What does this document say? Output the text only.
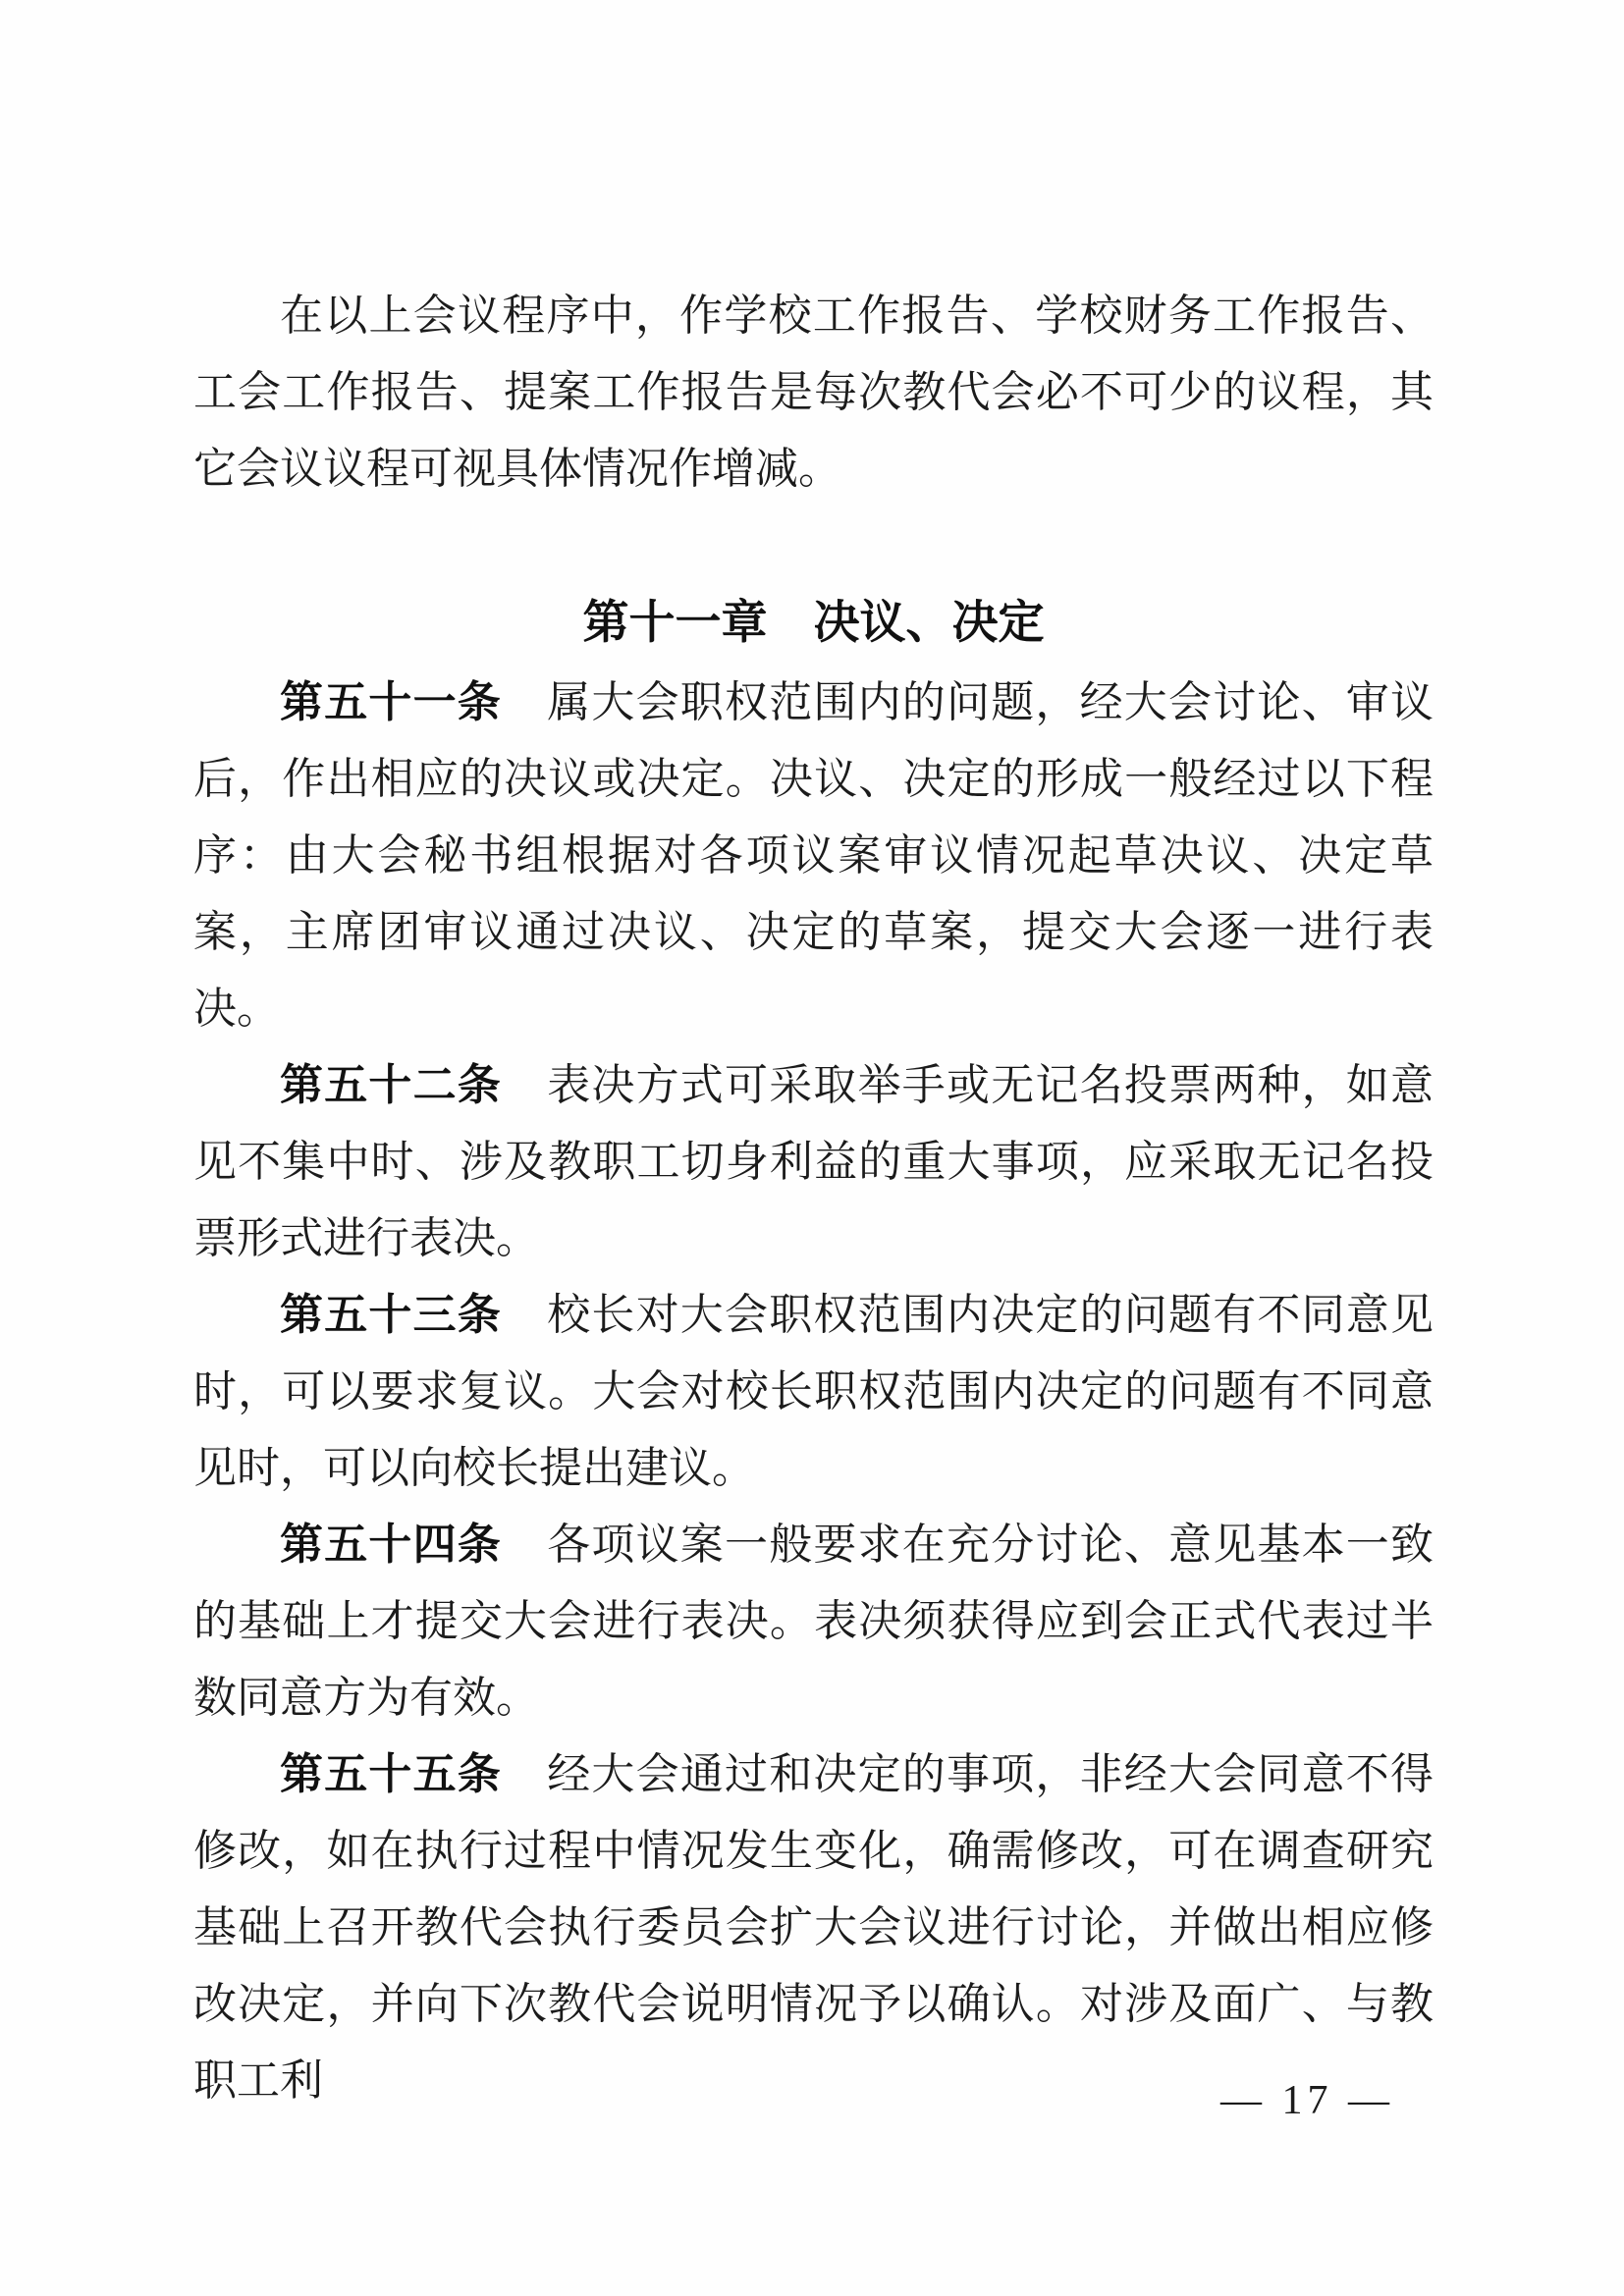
在以上会议程序中，作学校工作报告、学校财务工作报告、工会工作报告、提案工作报告是每次教代会必不可少的议程，其它会议议程可视具体情况作增减。

第十一章 决议、决定

第五十一条 属大会职权范围内的问题，经大会讨论、审议后，作出相应的决议或决定。决议、决定的形成一般经过以下程序：由大会秘书组根据对各项议案审议情况起草决议、决定草案，主席团审议通过决议、决定的草案，提交大会逐一进行表决。

第五十二条 表决方式可采取举手或无记名投票两种，如意见不集中时、涉及教职工切身利益的重大事项，应采取无记名投票形式进行表决。

第五十三条 校长对大会职权范围内决定的问题有不同意见时，可以要求复议。大会对校长职权范围内决定的问题有不同意见时，可以向校长提出建议。

第五十四条 各项议案一般要求在充分讨论、意见基本一致的基础上才提交大会进行表决。表决须获得应到会正式代表过半数同意方为有效。

第五十五条 经大会通过和决定的事项，非经大会同意不得修改，如在执行过程中情况发生变化，确需修改，可在调查研究基础上召开教代会执行委员会扩大会议进行讨论，并做出相应修改决定，并向下次教代会说明情况予以确认。对涉及面广、与教职工利	— 17 —
